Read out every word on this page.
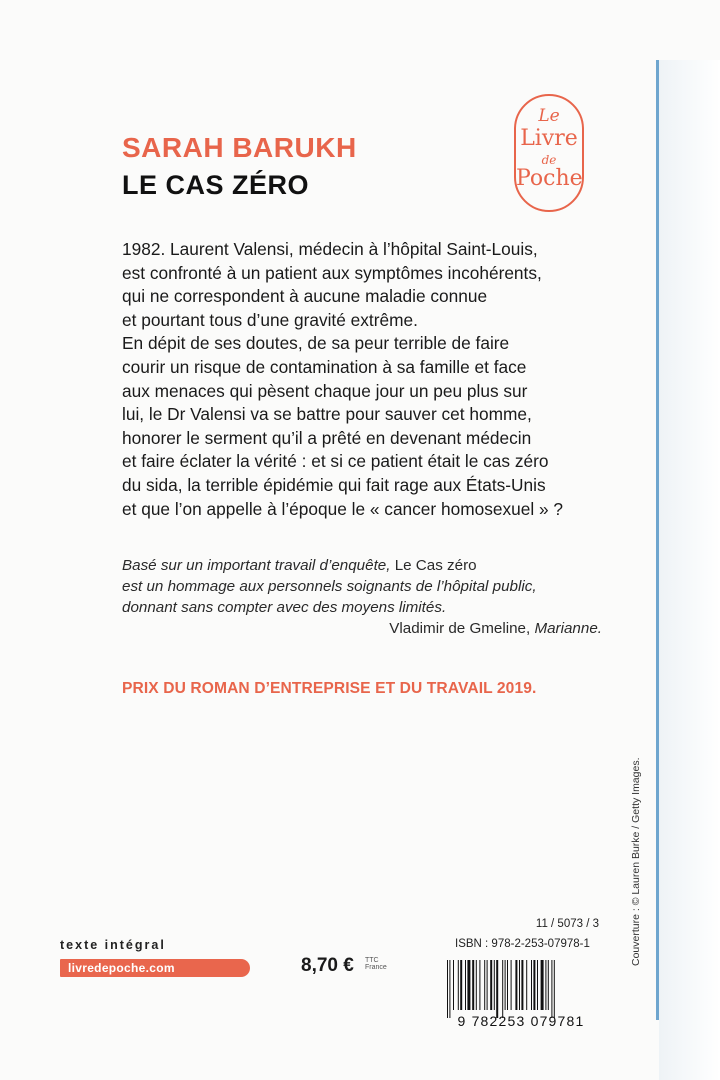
SARAH BARUKH
LE CAS ZÉRO
Le
Livre
de
Poche
1982. Laurent Valensi, médecin à l’hôpital Saint-Louis,
est confronté à un patient aux symptômes incohérents,
qui ne correspondent à aucune maladie connue
et pourtant tous d’une gravité extrême.
En dépit de ses doutes, de sa peur terrible de faire
courir un risque de contamination à sa famille et face
aux menaces qui pèsent chaque jour un peu plus sur
lui, le Dr Valensi va se battre pour sauver cet homme,
honorer le serment qu’il a prêté en devenant médecin
et faire éclater la vérité : et si ce patient était le cas zéro
du sida, la terrible épidémie qui fait rage aux États-Unis
et que l’on appelle à l’époque le « cancer homosexuel » ?
Basé sur un important travail d’enquête, Le Cas zéro
est un hommage aux personnels soignants de l’hôpital public,
donnant sans compter avec des moyens limités.
Vladimir de Gmeline, Marianne.
PRIX DU ROMAN D’ENTREPRISE ET DU TRAVAIL 2019.
Couverture : © Lauren Burke / Getty Images.
texte intégral
livredepoche.com	8,70 € TTC
France
11 / 5073 / 3
ISBN : 978-2-253-07978-1
9 782253 079781
